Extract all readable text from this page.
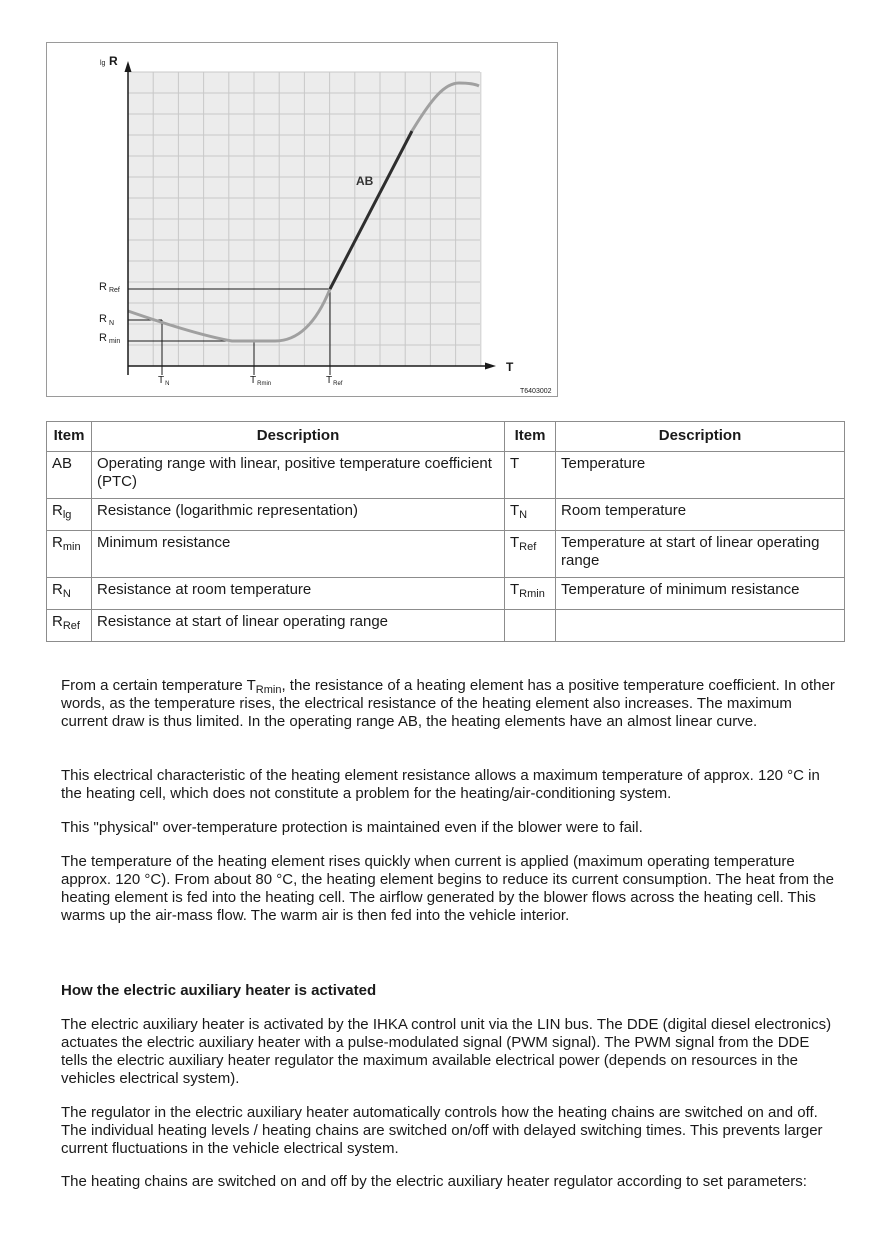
lg R
T
AB
R Ref
R $_N$
Rmin
$T_N$	$T_{Rmin}$	$T_{Ref}$
T6403002
Item	Description	Item	Description
AB	Operating range with linear, positive temperature coefficient (PTC)	T	Temperature
$R_{lg}$	Resistance (logarithmic representation)	$T_N$	Room temperature
$R_{min}$	Minimum resistance	$T_{Ref}$	Temperature at start of linear operating range
$R_N$	Resistance at room temperature	$T_{Rmin}$	Temperature of minimum resistance
$R_{Ref}$	Resistance at start of linear operating range		

From a certain temperature $T_{Rmin}$, the resistance of a heating element has a positive temperature coefficient. In other words, as the temperature rises, the electrical resistance of the heating element also increases. The maximum current draw is thus limited. In the operating range AB, the heating elements have an almost linear curve.

This electrical characteristic of the heating element resistance allows a maximum temperature of approx. 120 °C in the heating cell, which does not constitute a problem for the heating/air-conditioning system.

This "physical" over-temperature protection is maintained even if the blower were to fail.

The temperature of the heating element rises quickly when current is applied (maximum operating temperature approx. 120 °C). From about 80 °C, the heating element begins to reduce its current consumption. The heat from the heating element is fed into the heating cell. The airflow generated by the blower flows across the heating cell. This warms up the air-mass flow. The warm air is then fed into the vehicle interior.

How the electric auxiliary heater is activated

The electric auxiliary heater is activated by the IHKA control unit via the LIN bus. The DDE (digital diesel electronics) actuates the electric auxiliary heater with a pulse-modulated signal (PWM signal). The PWM signal from the DDE tells the electric auxiliary heater regulator the maximum available electrical power (depends on resources in the vehicles electrical system).

The regulator in the electric auxiliary heater automatically controls how the heating chains are switched on and off. The individual heating levels / heating chains are switched on/off with delayed switching times. This prevents larger current fluctuations in the vehicle electrical system.

The heating chains are switched on and off by the electric auxiliary heater regulator according to set parameters:
